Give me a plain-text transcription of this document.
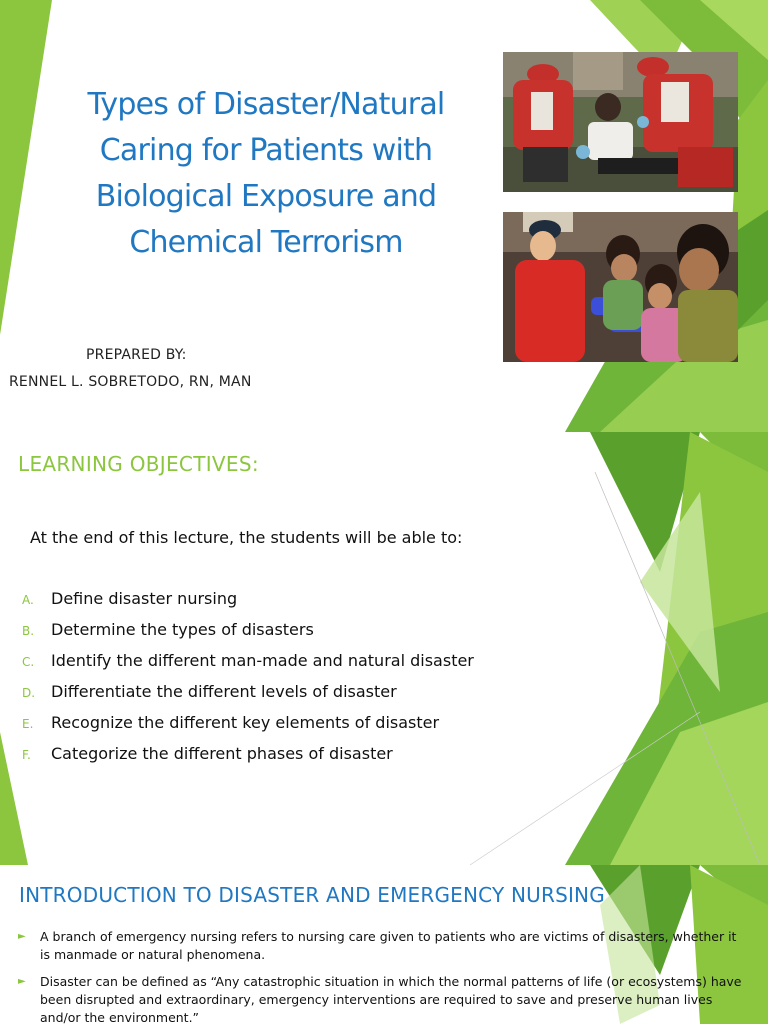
Types of Disaster/Natural
Caring for Patients with
Biological Exposure and
Chemical Terrorism
PREPARED BY:
RENNEL L. SOBRETODO, RN, MAN
LEARNING OBJECTIVES:
At the end of this lecture, the students will be able to:
A.	Define disaster nursing
B.	Determine the types of disasters
C.	Identify the different man-made and natural disaster
D. Differentiate the different levels of disaster
E.	Recognize the different key elements of disaster
F.	Categorize the different phases of disaster
INTRODUCTION TO DISASTER AND EMERGENCY NURSING
►	A branch of emergency nursing refers to nursing care given to patients who are victims of disasters, whether it is manmade or natural phenomena.
►	Disaster can be defined as “Any catastrophic situation in which the normal patterns of life (or ecosystems) have been disrupted and extraordinary, emergency interventions are required to save and preserve human lives and/or the environment.”
